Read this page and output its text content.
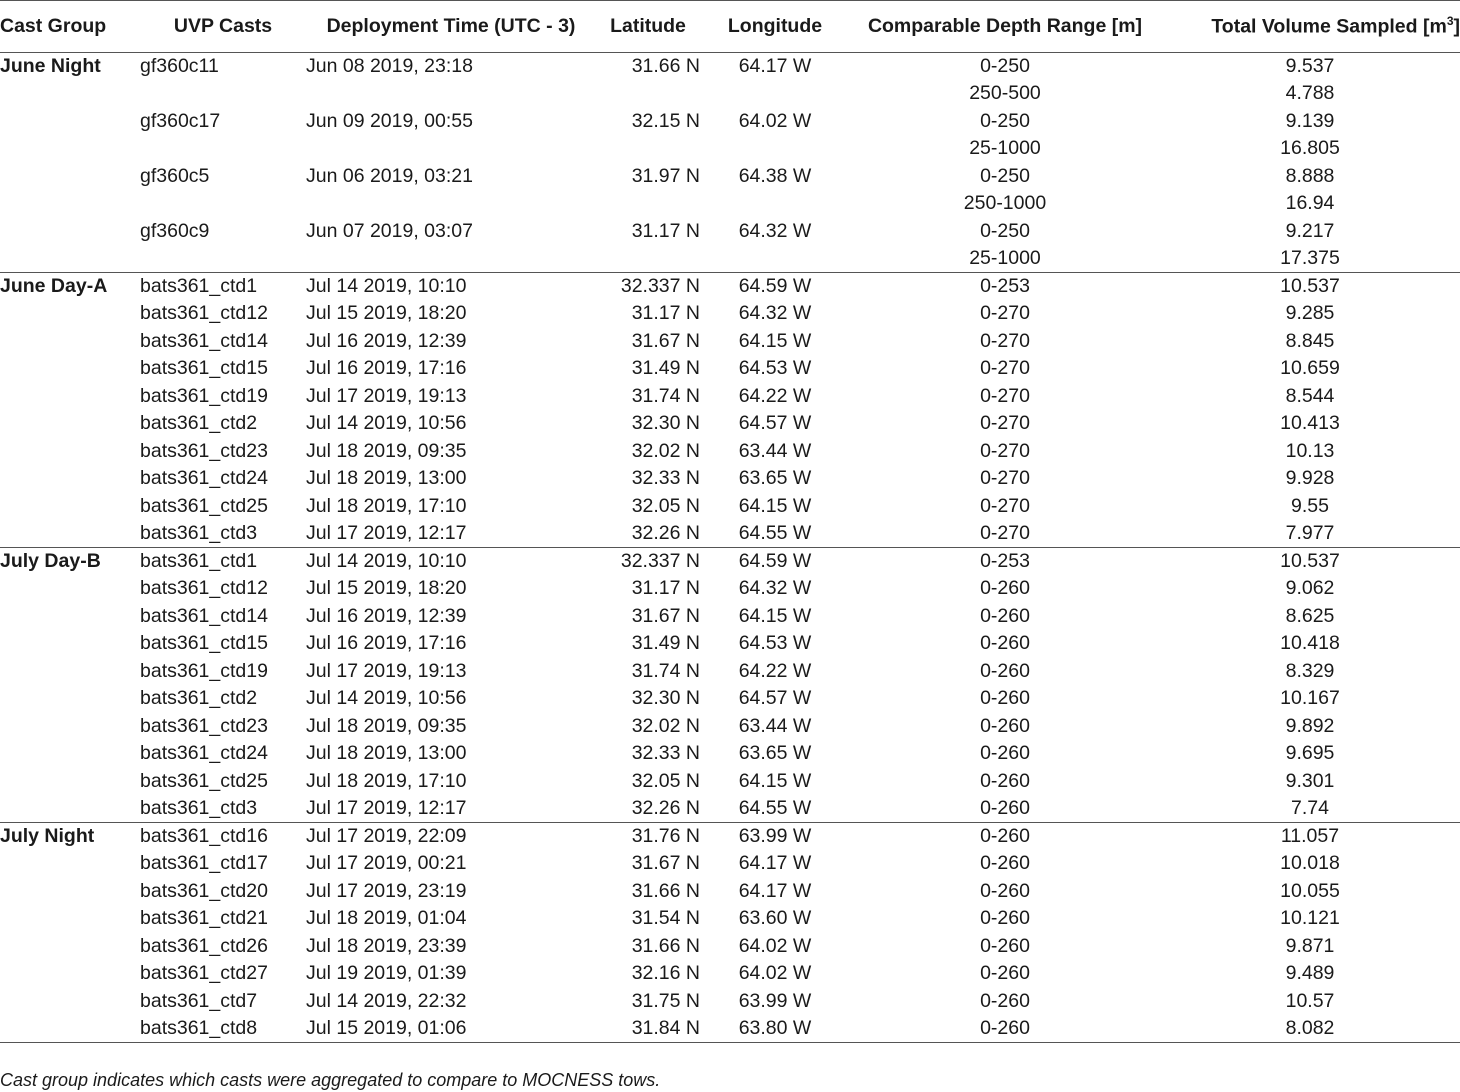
Cast Group	UVP Casts	Deployment Time (UTC - 3)	Latitude	Longitude	Comparable Depth Range [m]	Total Volume Sampled $[m^3]$
June Night	gf360c11	Jun 08 2019, 23:18	31.66 N	64.17 W	0-250	9.537
					250-500	4.788
	gf360c17	Jun 09 2019, 00:55	32.15 N	64.02 W	0-250	9.139
					25-1000	16.805
	gf360c5	Jun 06 2019, 03:21	31.97 N	64.38 W	0-250	8.888
					250-1000	16.94
	gf360c9	Jun 07 2019, 03:07	31.17 N	64.32 W	0-250	9.217
					25-1000	17.375
June Day-A	bats361_ctd1	Jul 14 2019, 10:10	32.337 N	64.59 W	0-253	10.537
	bats361_ctd12	Jul 15 2019, 18:20	31.17 N	64.32 W	0-270	9.285
	bats361_ctd14	Jul 16 2019, 12:39	31.67 N	64.15 W	0-270	8.845
	bats361_ctd15	Jul 16 2019, 17:16	31.49 N	64.53 W	0-270	10.659
	bats361_ctd19	Jul 17 2019, 19:13	31.74 N	64.22 W	0-270	8.544
	bats361_ctd2	Jul 14 2019, 10:56	32.30 N	64.57 W	0-270	10.413
	bats361_ctd23	Jul 18 2019, 09:35	32.02 N	63.44 W	0-270	10.13
	bats361_ctd24	Jul 18 2019, 13:00	32.33 N	63.65 W	0-270	9.928
	bats361_ctd25	Jul 18 2019, 17:10	32.05 N	64.15 W	0-270	9.55
	bats361_ctd3	Jul 17 2019, 12:17	32.26 N	64.55 W	0-270	7.977
July Day-B	bats361_ctd1	Jul 14 2019, 10:10	32.337 N	64.59 W	0-253	10.537
	bats361_ctd12	Jul 15 2019, 18:20	31.17 N	64.32 W	0-260	9.062
	bats361_ctd14	Jul 16 2019, 12:39	31.67 N	64.15 W	0-260	8.625
	bats361_ctd15	Jul 16 2019, 17:16	31.49 N	64.53 W	0-260	10.418
	bats361_ctd19	Jul 17 2019, 19:13	31.74 N	64.22 W	0-260	8.329
	bats361_ctd2	Jul 14 2019, 10:56	32.30 N	64.57 W	0-260	10.167
	bats361_ctd23	Jul 18 2019, 09:35	32.02 N	63.44 W	0-260	9.892
	bats361_ctd24	Jul 18 2019, 13:00	32.33 N	63.65 W	0-260	9.695
	bats361_ctd25	Jul 18 2019, 17:10	32.05 N	64.15 W	0-260	9.301
	bats361_ctd3	Jul 17 2019, 12:17	32.26 N	64.55 W	0-260	7.74
July Night	bats361_ctd16	Jul 17 2019, 22:09	31.76 N	63.99 W	0-260	11.057
	bats361_ctd17	Jul 17 2019, 00:21	31.67 N	64.17 W	0-260	10.018
	bats361_ctd20	Jul 17 2019, 23:19	31.66 N	64.17 W	0-260	10.055
	bats361_ctd21	Jul 18 2019, 01:04	31.54 N	63.60 W	0-260	10.121
	bats361_ctd26	Jul 18 2019, 23:39	31.66 N	64.02 W	0-260	9.871
	bats361_ctd27	Jul 19 2019, 01:39	32.16 N	64.02 W	0-260	9.489
	bats361_ctd7	Jul 14 2019, 22:32	31.75 N	63.99 W	0-260	10.57
	bats361_ctd8	Jul 15 2019, 01:06	31.84 N	63.80 W	0-260	8.082
Cast group indicates which casts were aggregated to compare to MOCNESS tows.
